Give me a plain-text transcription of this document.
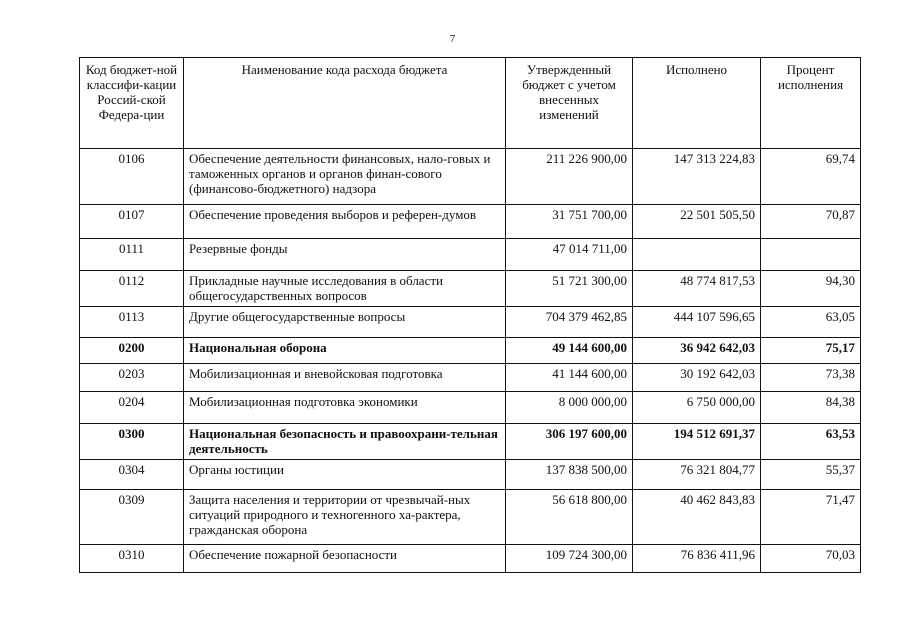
7
Код бюджет-ной классифи-кации Россий-ской Федера-ции	Наименование кода расхода бюджета	Утвержденный бюджет с учетом внесенных изменений	Исполнено	Процент исполнения
0106	Обеспечение деятельности финансовых, нало-говых и таможенных органов и органов финан-сового (финансово-бюджетного) надзора	211 226 900,00	147 313 224,83	69,74
0107	Обеспечение проведения выборов и референ-думов	31 751 700,00	22 501 505,50	70,87
0111	Резервные фонды	47 014 711,00		
0112	Прикладные научные исследования в области общегосударственных вопросов	51 721 300,00	48 774 817,53	94,30
0113	Другие общегосударственные вопросы	704 379 462,85	444 107 596,65	63,05
0200	Национальная оборона	49 144 600,00	36 942 642,03	75,17
0203	Мобилизационная и вневойсковая подготовка	41 144 600,00	30 192 642,03	73,38
0204	Мобилизационная подготовка экономики	8 000 000,00	6 750 000,00	84,38
0300	Национальная безопасность и правоохрани-тельная деятельность	306 197 600,00	194 512 691,37	63,53
0304	Органы юстиции	137 838 500,00	76 321 804,77	55,37
0309	Защита населения и территории от чрезвычай-ных ситуаций природного и техногенного ха-рактера, гражданская оборона	56 618 800,00	40 462 843,83	71,47
0310	Обеспечение пожарной безопасности	109 724 300,00	76 836 411,96	70,03
